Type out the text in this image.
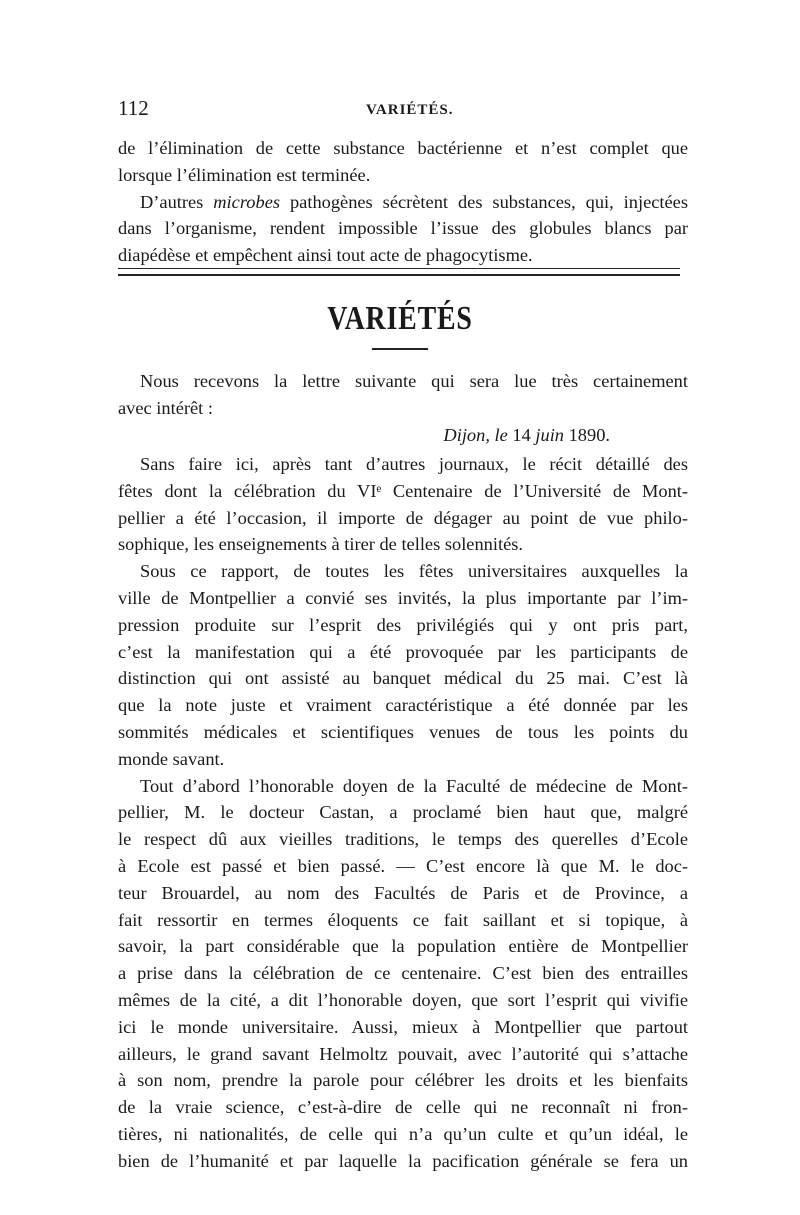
112	VARIÉTÉS.
de l’élimination de cette substance bactérienne et n’est complet que
lorsque l’élimination est terminée.
D’autres microbes pathogènes sécrètent des substances, qui, injectées
dans l’organisme, rendent impossible l’issue des globules blancs par
diapédèse et empêchent ainsi tout acte de phagocytisme.
VARIÉTÉS
Nous recevons la lettre suivante qui sera lue très certainement
avec intérêt :
Dijon, le 14 juin 1890.
Sans faire ici, après tant d’autres journaux, le récit détaillé des
fêtes dont la célébration du VIᵉ Centenaire de l’Université de Mont-
pellier a été l’occasion, il importe de dégager au point de vue philo-
sophique, les enseignements à tirer de telles solennités.
Sous ce rapport, de toutes les fêtes universitaires auxquelles la
ville de Montpellier a convié ses invités, la plus importante par l’im-
pression produite sur l’esprit des privilégiés qui y ont pris part,
c’est la manifestation qui a été provoquée par les participants de
distinction qui ont assisté au banquet médical du 25 mai. C’est là
que la note juste et vraiment caractéristique a été donnée par les
sommités médicales et scientifiques venues de tous les points du
monde savant.
Tout d’abord l’honorable doyen de la Faculté de médecine de Mont-
pellier, M. le docteur Castan, a proclamé bien haut que, malgré
le respect dû aux vieilles traditions, le temps des querelles d’Ecole
à Ecole est passé et bien passé. — C’est encore là que M. le doc-
teur Brouardel, au nom des Facultés de Paris et de Province, a
fait ressortir en termes éloquents ce fait saillant et si topique, à
savoir, la part considérable que la population entière de Montpellier
a prise dans la célébration de ce centenaire. C’est bien des entrailles
mêmes de la cité, a dit l’honorable doyen, que sort l’esprit qui vivifie
ici le monde universitaire. Aussi, mieux à Montpellier que partout
ailleurs, le grand savant Helmoltz pouvait, avec l’autorité qui s’attache
à son nom, prendre la parole pour célébrer les droits et les bienfaits
de la vraie science, c’est-à-dire de celle qui ne reconnaît ni fron-
tières, ni nationalités, de celle qui n’a qu’un culte et qu’un idéal, le
bien de l’humanité et par laquelle la pacification générale se fera un
